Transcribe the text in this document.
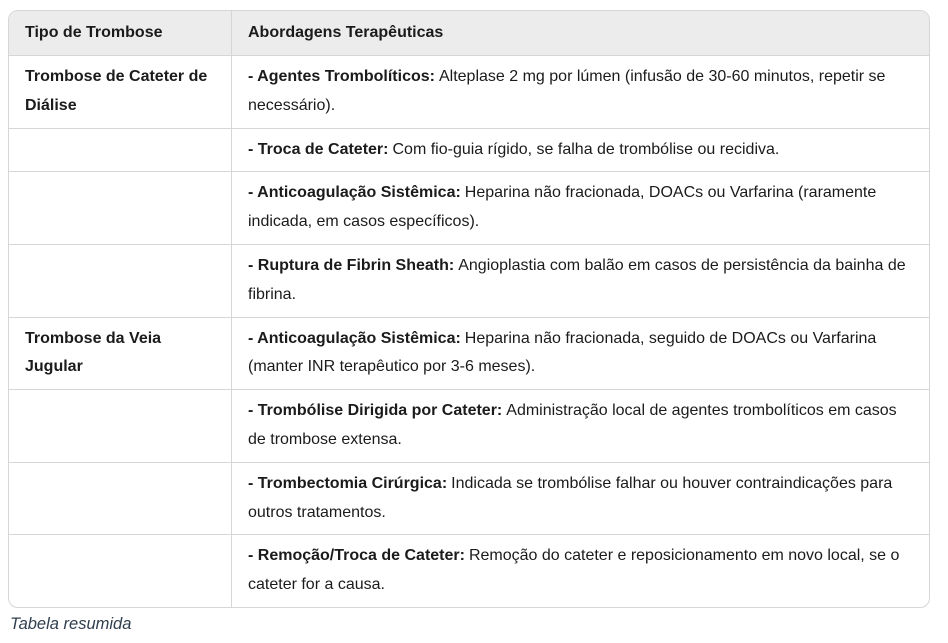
Tipo de Trombose	Abordagens Terapêuticas
Trombose de Cateter de Diálise	- Agentes Trombolíticos: Alteplase 2 mg por lúmen (infusão de 30-60 minutos, repetir se necessário).
	- Troca de Cateter: Com fio-guia rígido, se falha de trombólise ou recidiva.
	- Anticoagulação Sistêmica: Heparina não fracionada, DOACs ou Varfarina (raramente indicada, em casos específicos).
	- Ruptura de Fibrin Sheath: Angioplastia com balão em casos de persistência da bainha de fibrina.
Trombose da Veia Jugular	- Anticoagulação Sistêmica: Heparina não fracionada, seguido de DOACs ou Varfarina (manter INR terapêutico por 3-6 meses).
	- Trombólise Dirigida por Cateter: Administração local de agentes trombolíticos em casos de trombose extensa.
	- Trombectomia Cirúrgica: Indicada se trombólise falhar ou houver contraindicações para outros tratamentos.
	- Remoção/Troca de Cateter: Remoção do cateter e reposicionamento em novo local, se o cateter for a causa.
Tabela resumida
